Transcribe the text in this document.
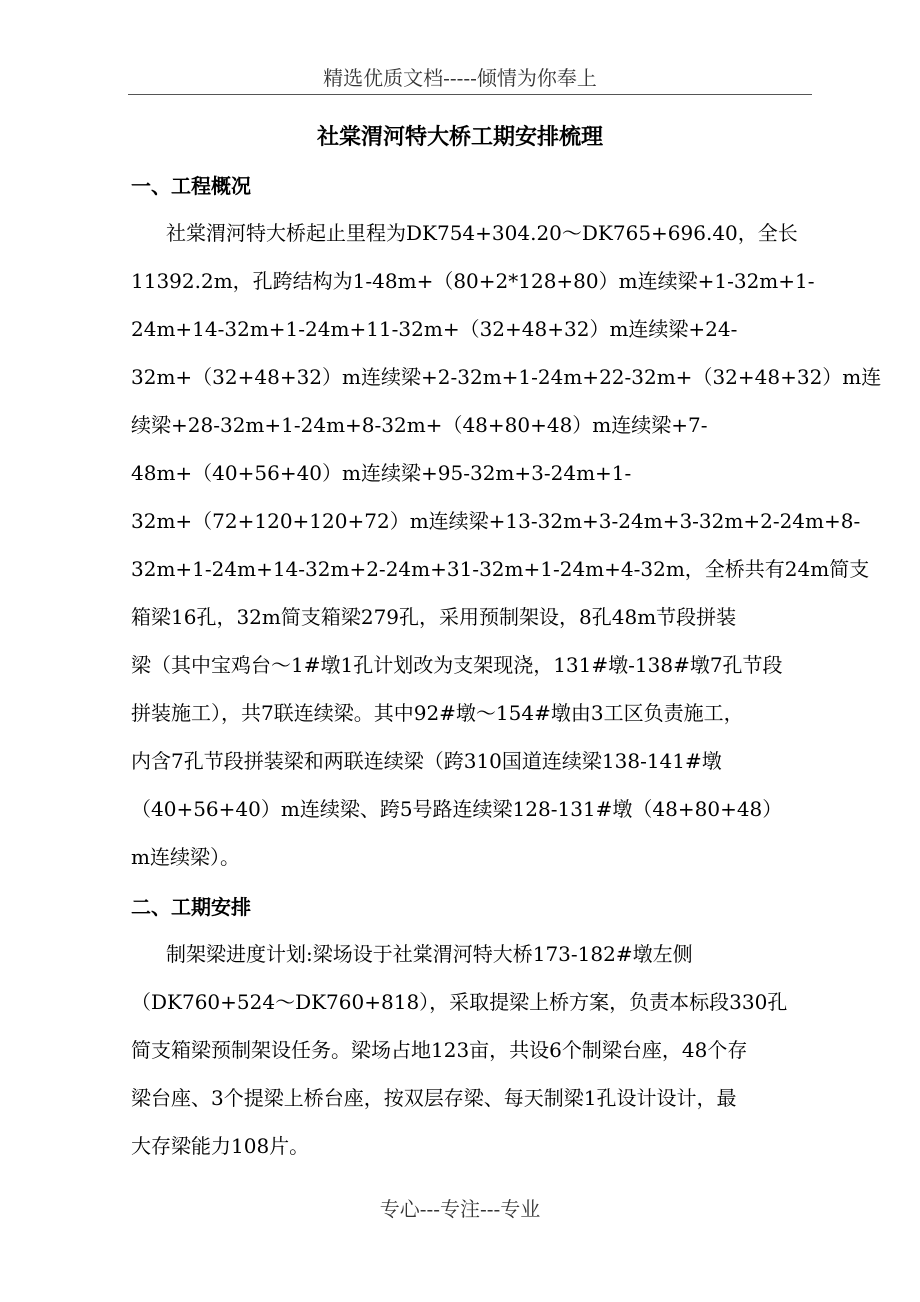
精选优质文档-----倾情为你奉上
社棠渭河特大桥工期安排梳理
一、工程概况
社棠渭河特大桥起止里程为DK754+304.20～DK765+696.40，全长
11392.2m，孔跨结构为1-48m+（80+2*128+80）m连续梁+1-32m+1-
24m+14-32m+1-24m+11-32m+（32+48+32）m连续梁+24-
32m+（32+48+32）m连续梁+2-32m+1-24m+22-32m+（32+48+32）m连
续梁+28-32m+1-24m+8-32m+（48+80+48）m连续梁+7-
48m+（40+56+40）m连续梁+95-32m+3-24m+1-
32m+（72+120+120+72）m连续梁+13-32m+3-24m+3-32m+2-24m+8-
32m+1-24m+14-32m+2-24m+31-32m+1-24m+4-32m，全桥共有24m简支
箱梁16孔，32m简支箱梁279孔，采用预制架设，8孔48m节段拼装
梁（其中宝鸡台～1#墩1孔计划改为支架现浇，131#墩-138#墩7孔节段
拼装施工），共7联连续梁。其中92#墩～154#墩由3工区负责施工，
内含7孔节段拼装梁和两联连续梁（跨310国道连续梁138-141#墩
（40+56+40）m连续梁、跨5号路连续梁128-131#墩（48+80+48）
m连续梁）。
二、工期安排
制架梁进度计划:梁场设于社棠渭河特大桥173-182#墩左侧
（DK760+524～DK760+818），采取提梁上桥方案，负责本标段330孔
简支箱梁预制架设任务。梁场占地123亩，共设6个制梁台座，48个存
梁台座、3个提梁上桥台座，按双层存梁、每天制梁1孔设计设计，最
大存梁能力108片。
专心---专注---专业
